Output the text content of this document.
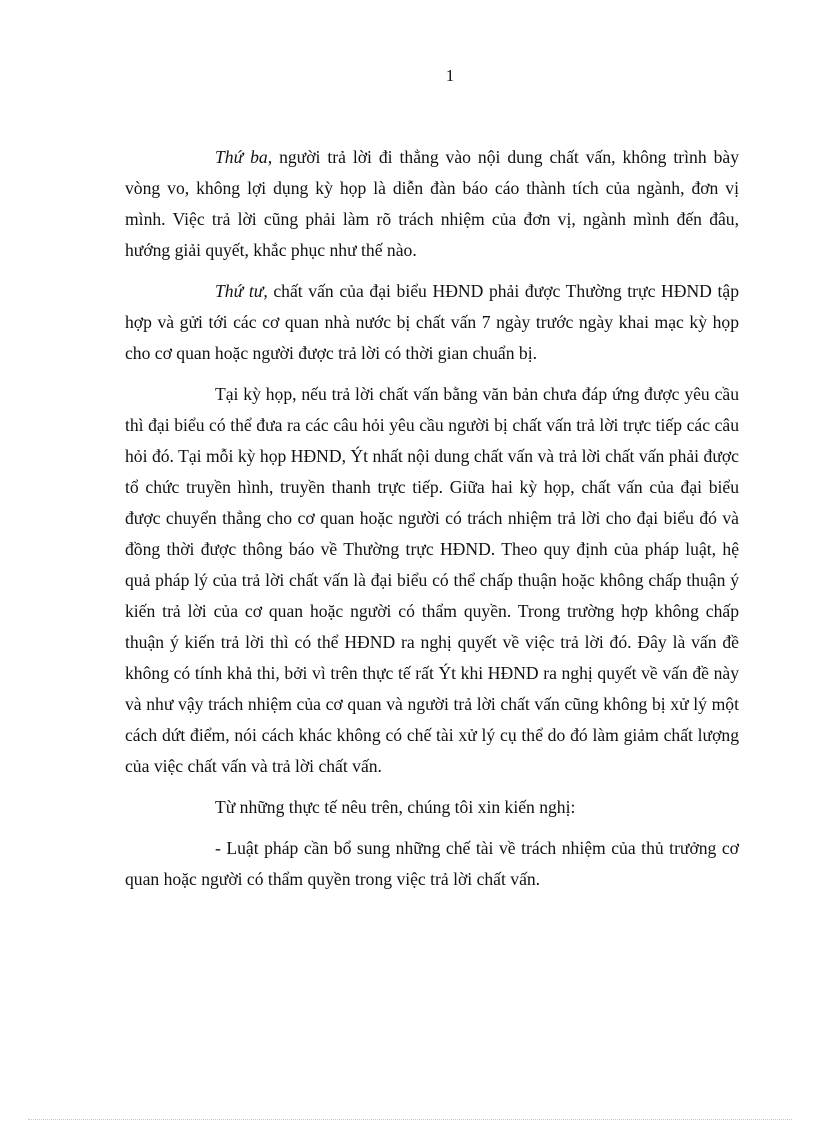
1

Thứ ba, người trả lời đi thẳng vào nội dung chất vấn, không trình bày vòng vo, không lợi dụng kỳ họp là diễn đàn báo cáo thành tích của ngành, đơn vị mình. Việc trả lời cũng phải làm rõ trách nhiệm của đơn vị, ngành mình đến đâu, hướng giải quyết, khắc phục như thế nào.

Thứ tư, chất vấn của đại biểu HĐND phải được Thường trực HĐND tập hợp và gửi tới các cơ quan nhà nước bị chất vấn 7 ngày trước ngày khai mạc kỳ họp cho cơ quan hoặc người được trả lời có thời gian chuẩn bị.

Tại kỳ họp, nếu trả lời chất vấn bằng văn bản chưa đáp ứng được yêu cầu thì đại biểu có thể đưa ra các câu hỏi yêu cầu người bị chất vấn trả lời trực tiếp các câu hỏi đó. Tại mỗi kỳ họp HĐND, Ýt nhất nội dung chất vấn và trả lời chất vấn phải được tổ chức truyền hình, truyền thanh trực tiếp. Giữa hai kỳ họp, chất vấn của đại biểu được chuyển thẳng cho cơ quan hoặc người có trách nhiệm trả lời cho đại biểu đó và đồng thời được thông báo về Thường trực HĐND. Theo quy định của pháp luật, hệ quả pháp lý của trả lời chất vấn là đại biểu có thể chấp thuận hoặc không chấp thuận ý kiến trả lời của cơ quan hoặc người có thẩm quyền. Trong trường hợp không chấp thuận ý kiến trả lời thì có thể HĐND ra nghị quyết về việc trả lời đó. Đây là vấn đề không có tính khả thi, bởi vì trên thực tế rất Ýt khi HĐND ra nghị quyết về vấn đề này và như vậy trách nhiệm của cơ quan và người trả lời chất vấn cũng không bị xử lý một cách dứt điểm, nói cách khác không có chế tài xử lý cụ thể do đó làm giảm chất lượng của việc chất vấn và trả lời chất vấn.

Từ những thực tế nêu trên, chúng tôi xin kiến nghị:

- Luật pháp cần bổ sung những chế tài về trách nhiệm của thủ trưởng cơ quan hoặc người có thẩm quyền trong việc trả lời chất vấn.
